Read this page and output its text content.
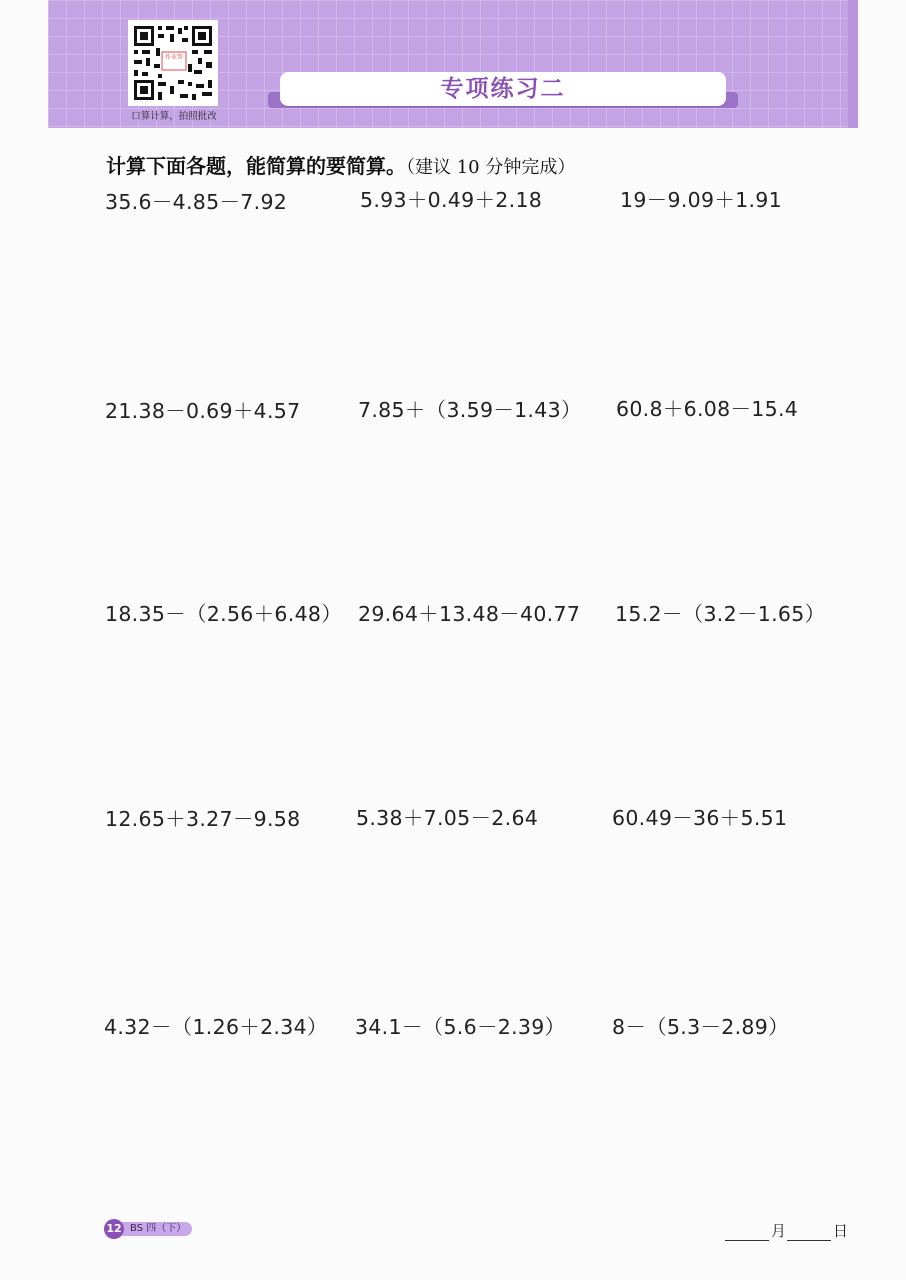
作业帮
口算计算，拍照批改
专项练习二
计算下面各题，能简算的要简算。（建议 10 分钟完成）
35.6－4.85－7.92	5.93＋0.49＋2.18	19－9.09＋1.91
21.38－0.69＋4.57	7.85＋（3.59－1.43） 60.8＋6.08－15.4
18.35－（2.56＋6.48） 29.64＋13.48－40.77 15.2－（3.2－1.65）
12.65＋3.27－9.58	5.38＋7.05－2.64	60.49－36＋5.51
4.32－（1.26＋2.34） 34.1－（5.6－2.39） 8－（5.3－2.89）
BS 四（下）
12	月	日
